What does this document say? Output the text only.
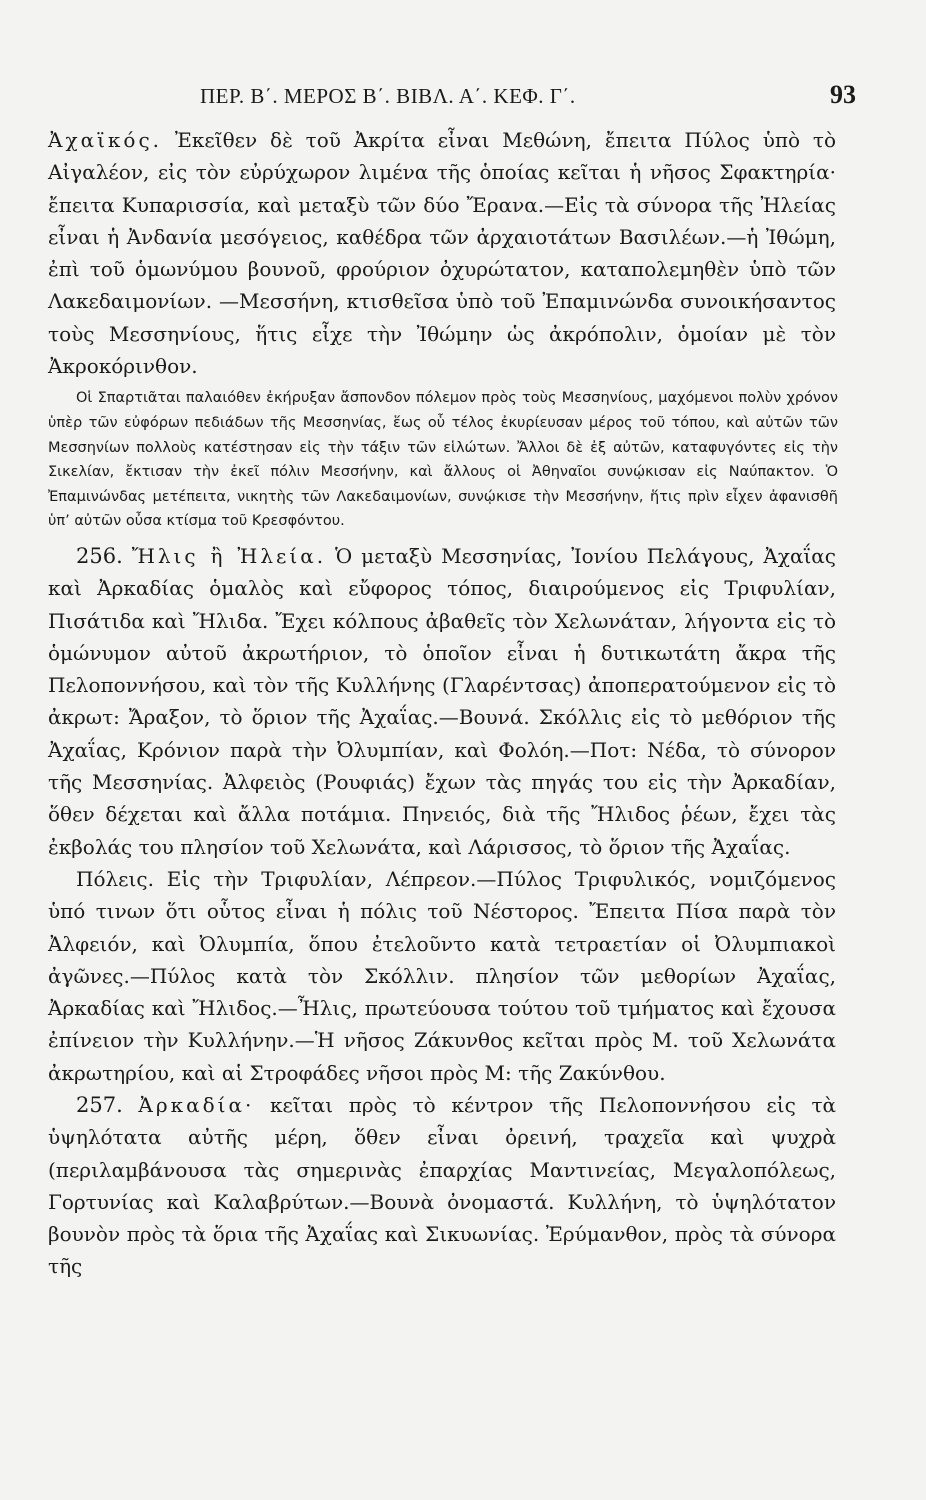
ΠΕΡ. Β΄. ΜΕΡΟΣ Β΄. ΒΙΒΛ. Α΄. ΚΕΦ. Γ΄.	93

Ἀχαϊκός. Ἐκεῖθεν δὲ τοῦ Ἀκρίτα εἶναι Μεθώνη, ἔπειτα Πύλος ὑπὸ τὸ Αἰγαλέον, εἰς τὸν εὐρύχωρον λιμένα τῆς ὁποίας κεῖται ἡ νῆσος Σφακτηρία· ἔπειτα Κυπαρισσία, καὶ μεταξὺ τῶν δύο Ἔρανα.—Εἰς τὰ σύνορα τῆς Ἠλείας εἶναι ἡ Ἀνδανία μεσόγειος, καθέδρα τῶν ἀρχαιοτάτων Βασιλέων.—ἡ Ἰθώμη, ἐπὶ τοῦ ὁμωνύμου βουνοῦ, φρούριον ὀχυρώτατον, καταπολεμηθὲν ὑπὸ τῶν Λακεδαιμονίων. —Μεσσήνη, κτισθεῖσα ὑπὸ τοῦ Ἐπαμινώνδα συνοικήσαντος τοὺς Μεσσηνίους, ἥτις εἶχε τὴν Ἰθώμην ὡς ἀκρόπολιν, ὁμοίαν μὲ τὸν Ἀκροκόρινθον.

Οἱ Σπαρτιᾶται παλαιόθεν ἐκήρυξαν ἄσπονδον πόλεμον πρὸς τοὺς Μεσσηνίους, μαχόμενοι πολὺν χρόνον ὑπὲρ τῶν εὐφόρων πεδιάδων τῆς Μεσσηνίας, ἕως οὗ τέλος ἐκυρίευσαν μέρος τοῦ τόπου, καὶ αὐτῶν τῶν Μεσσηνίων πολλοὺς κατέστησαν εἰς τὴν τάξιν τῶν εἱλώτων. Ἄλλοι δὲ ἐξ αὐτῶν, καταφυγόντες εἰς τὴν Σικελίαν, ἔκτισαν τὴν ἐκεῖ πόλιν Μεσσήνην, καὶ ἄλλους οἱ Ἀθηναῖοι συνῴκισαν εἰς Ναύπακτον. Ὁ Ἐπαμινώνδας μετέπειτα, νικητὴς τῶν Λακεδαιμονίων, συνῴκισε τὴν Μεσσήνην, ἥτις πρὶν εἶχεν ἀφανισθῆ ὑπ’ αὐτῶν οὖσα κτίσμα τοῦ Κρεσφόντου.

256. Ἤλις ἢ Ἠλεία. Ὁ μεταξὺ Μεσσηνίας, Ἰονίου Πελάγους, Ἀχαΐας καὶ Ἀρκαδίας ὁμαλὸς καὶ εὔφορος τόπος, διαιρούμενος εἰς Τριφυλίαν, Πισάτιδα καὶ Ἤλιδα. Ἔχει κόλπους ἀβαθεῖς τὸν Χελωνάταν, λήγοντα εἰς τὸ ὁμώνυμον αὐτοῦ ἀκρωτήριον, τὸ ὁποῖον εἶναι ἡ δυτικωτάτη ἄκρα τῆς Πελοποννήσου, καὶ τὸν τῆς Κυλλήνης (Γλαρέντσας) ἀποπερατούμενον εἰς τὸ ἀκρωτ: Ἄραξον, τὸ ὅριον τῆς Ἀχαΐας.—Βουνά. Σκόλλις εἰς τὸ μεθόριον τῆς Ἀχαΐας, Κρόνιον παρὰ τὴν Ὀλυμπίαν, καὶ Φολόη.—Ποτ: Νέδα, τὸ σύνορον τῆς Μεσσηνίας. Ἀλφειὸς (Ρουφιάς) ἔχων τὰς πηγάς του εἰς τὴν Ἀρκαδίαν, ὅθεν δέχεται καὶ ἄλλα ποτάμια. Πηνειός, διὰ τῆς Ἤλιδος ῥέων, ἔχει τὰς ἐκβολάς του πλησίον τοῦ Χελωνάτα, καὶ Λάρισσος, τὸ ὅριον τῆς Ἀχαΐας.

Πόλεις. Εἰς τὴν Τριφυλίαν, Λέπρεον.—Πύλος Τριφυλικός, νομιζόμενος ὑπό τινων ὅτι οὗτος εἶναι ἡ πόλις τοῦ Νέστορος. Ἔπειτα Πίσα παρὰ τὸν Ἀλφειόν, καὶ Ὀλυμπία, ὅπου ἐτελοῦντο κατὰ τετραετίαν οἱ Ὀλυμπιακοὶ ἀγῶνες.—Πύλος κατὰ τὸν Σκόλλιν. πλησίον τῶν μεθορίων Ἀχαΐας, Ἀρκαδίας καὶ Ἤλιδος.—Ἦλις, πρωτεύουσα τούτου τοῦ τμήματος καὶ ἔχουσα ἐπίνειον τὴν Κυλλήνην.—Ἡ νῆσος Ζάκυνθος κεῖται πρὸς Μ. τοῦ Χελωνάτα ἀκρωτηρίου, καὶ αἱ Στροφάδες νῆσοι πρὸς Μ: τῆς Ζακύνθου.

257. Ἀρκαδία· κεῖται πρὸς τὸ κέντρον τῆς Πελοποννήσου εἰς τὰ ὑψηλότατα αὐτῆς μέρη, ὅθεν εἶναι ὀρεινή, τραχεῖα καὶ ψυχρὰ (περιλαμβάνουσα τὰς σημερινὰς ἐπαρχίας Μαντινείας, Μεγαλοπόλεως, Γορτυνίας καὶ Καλαβρύτων.—Βουνὰ ὀνομαστά. Κυλλήνη, τὸ ὑψηλότατον βουνὸν πρὸς τὰ ὅρια τῆς Ἀχαΐας καὶ Σικυωνίας. Ἐρύμανθον, πρὸς τὰ σύνορα τῆς
